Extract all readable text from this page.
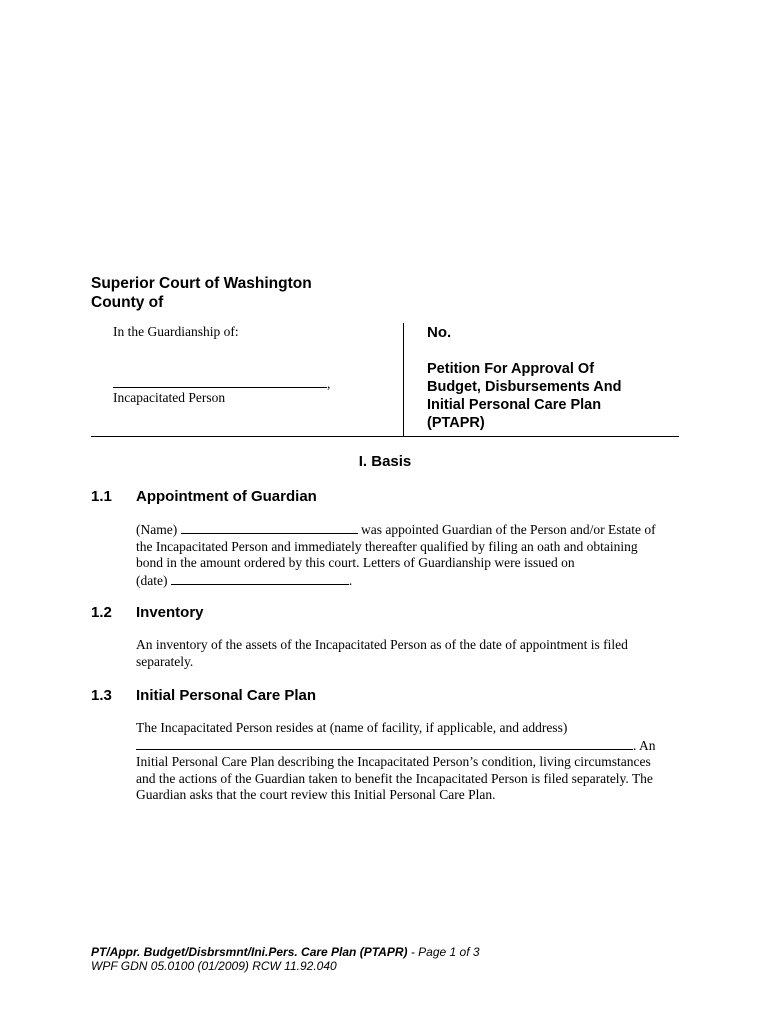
Superior Court of Washington
County of
In the Guardianship of:
,
Incapacitated Person
No.
Petition For Approval Of
Budget, Disbursements And
Initial Personal Care Plan
(PTAPR)
I. Basis
1.1 Appointment of Guardian
(Name)	was appointed Guardian of the Person and/or Estate of
the Incapacitated Person and immediately thereafter qualified by filing an oath and obtaining
bond in the amount ordered by this court. Letters of Guardianship were issued on
(date)	.
1.2 Inventory
An inventory of the assets of the Incapacitated Person as of the date of appointment is filed
separately.
1.3 Initial Personal Care Plan
The Incapacitated Person resides at (name of facility, if applicable, and address)
. An
Initial Personal Care Plan describing the Incapacitated Person’s condition, living circumstances
and the actions of the Guardian taken to benefit the Incapacitated Person is filed separately. The
Guardian asks that the court review this Initial Personal Care Plan.
PT/Appr. Budget/Disbrsmnt/Ini.Pers. Care Plan (PTAPR) - Page 1 of 3
WPF GDN 05.0100 (01/2009) RCW 11.92.040
